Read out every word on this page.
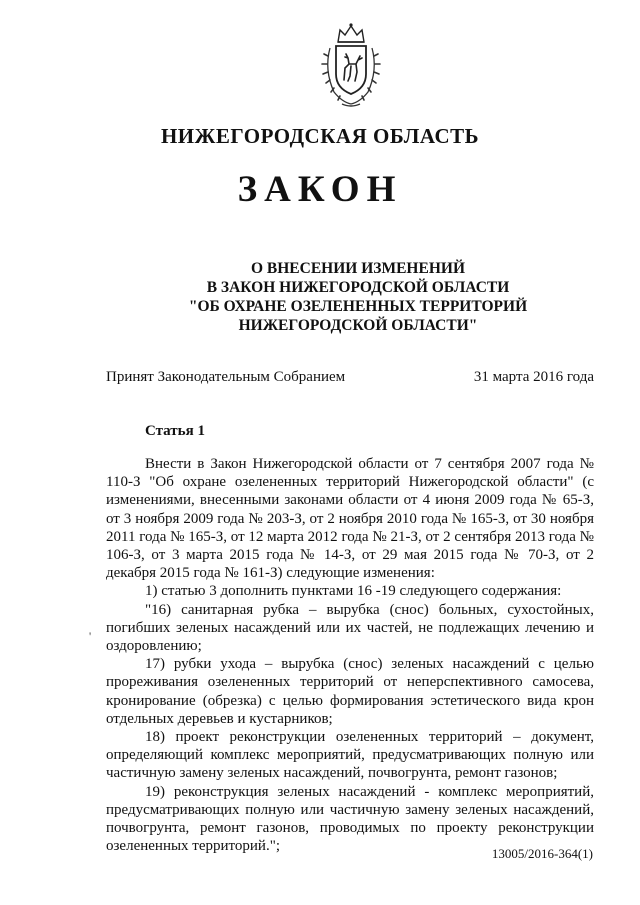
НИЖЕГОРОДСКАЯ ОБЛАСТЬ
ЗАКОН
О ВНЕСЕНИИ ИЗМЕНЕНИЙ
В ЗАКОН НИЖЕГОРОДСКОЙ ОБЛАСТИ
"ОБ ОХРАНЕ ОЗЕЛЕНЕННЫХ ТЕРРИТОРИЙ
НИЖЕГОРОДСКОЙ ОБЛАСТИ"
Принят Законодательным Собранием	31 марта 2016 года
Статья 1
'

Внести в Закон Нижегородской области от 7 сентября 2007 года № 110-З "Об охране озелененных территорий Нижегородской области" (с изменениями, внесенными законами области от 4 июня 2009 года № 65-З, от 3 ноября 2009 года № 203-З, от 2 ноября 2010 года № 165-З, от 30 ноября 2011 года № 165-З, от 12 марта 2012 года № 21-З, от 2 сентября 2013 года № 106-З, от 3 марта 2015 года № 14-З, от 29 мая 2015 года № 70-З, от 2 декабря 2015 года № 161-З) следующие изменения:

1) статью 3 дополнить пунктами 16 -19 следующего содержания:

"16) санитарная рубка – вырубка (снос) больных, сухостойных, погибших зеленых насаждений или их частей, не подлежащих лечению и оздоровлению;

17) рубки ухода – вырубка (снос) зеленых насаждений с целью прореживания озелененных территорий от неперспективного самосева, кронирование (обрезка) с целью формирования эстетического вида крон отдельных деревьев и кустарников;

18) проект реконструкции озелененных территорий – документ, определяющий комплекс мероприятий, предусматривающих полную или частичную замену зеленых насаждений, почвогрунта, ремонт газонов;

19) реконструкция зеленых насаждений - комплекс мероприятий, предусматривающих полную или частичную замену зеленых насаждений, почвогрунта, ремонт газонов, проводимых по проекту реконструкции озелененных территорий.";	13005/2016-364(1)
